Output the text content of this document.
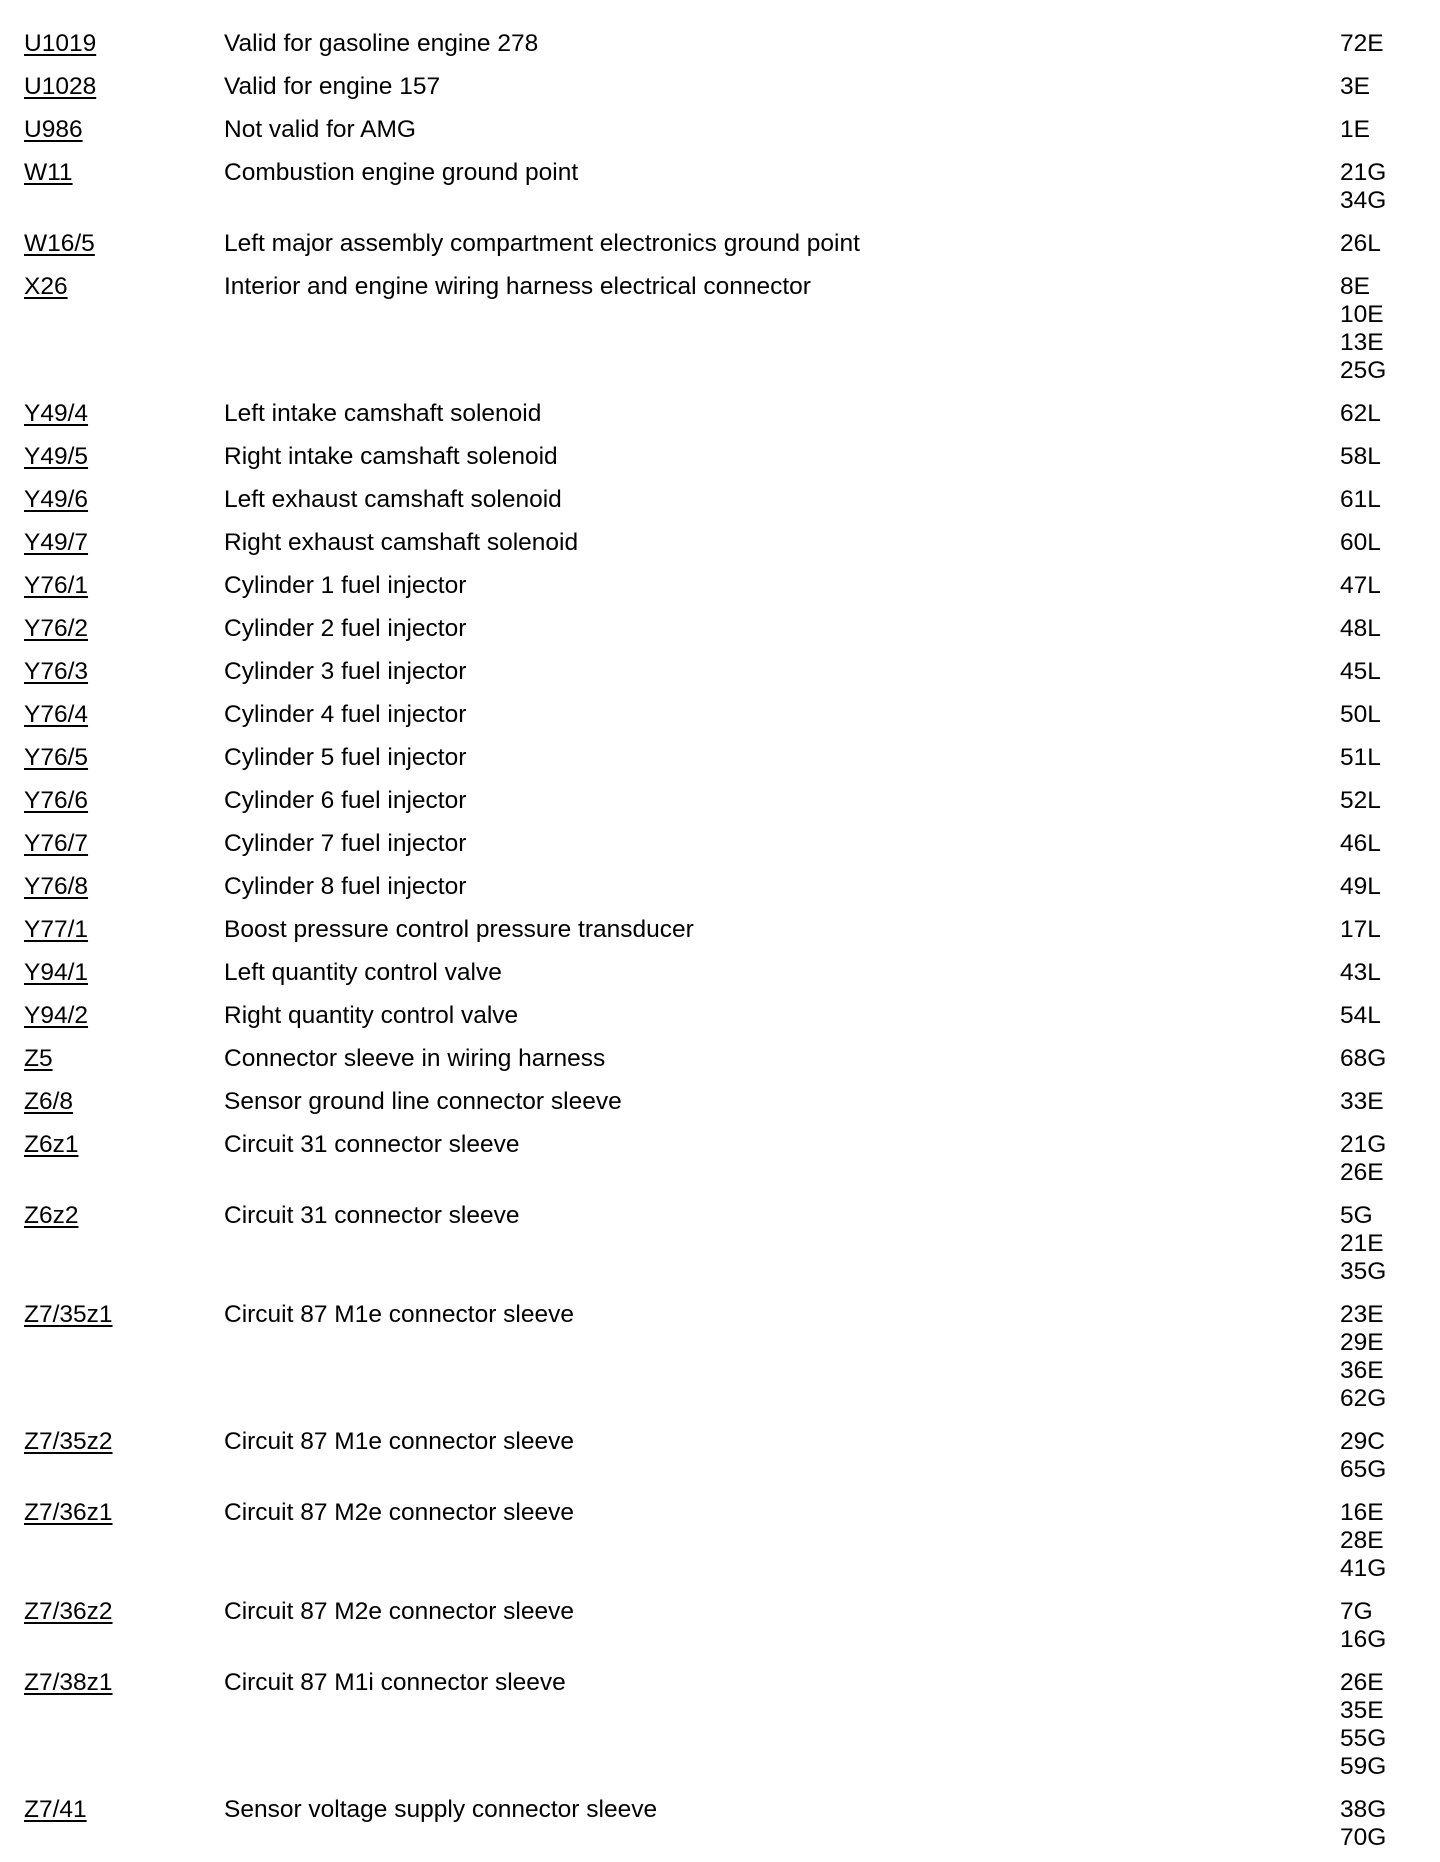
U1019	Valid for gasoline engine 278	72E
U1028	Valid for engine 157	3E
U986	Not valid for AMG	1E
W11	Combustion engine ground point	21G
34G
W16/5	Left major assembly compartment electronics ground point	26L
X26	Interior and engine wiring harness electrical connector	8E
10E
13E
25G
Y49/4	Left intake camshaft solenoid	62L
Y49/5	Right intake camshaft solenoid	58L
Y49/6	Left exhaust camshaft solenoid	61L
Y49/7	Right exhaust camshaft solenoid	60L
Y76/1	Cylinder 1 fuel injector	47L
Y76/2	Cylinder 2 fuel injector	48L
Y76/3	Cylinder 3 fuel injector	45L
Y76/4	Cylinder 4 fuel injector	50L
Y76/5	Cylinder 5 fuel injector	51L
Y76/6	Cylinder 6 fuel injector	52L
Y76/7	Cylinder 7 fuel injector	46L
Y76/8	Cylinder 8 fuel injector	49L
Y77/1	Boost pressure control pressure transducer	17L
Y94/1	Left quantity control valve	43L
Y94/2	Right quantity control valve	54L
Z5	Connector sleeve in wiring harness	68G
Z6/8	Sensor ground line connector sleeve	33E
Z6z1	Circuit 31 connector sleeve	21G
26E
Z6z2	Circuit 31 connector sleeve	5G
21E
35G
Z7/35z1	Circuit 87 M1e connector sleeve	23E
29E
36E
62G
Z7/35z2	Circuit 87 M1e connector sleeve	29C
65G
Z7/36z1	Circuit 87 M2e connector sleeve	16E
28E
41G
Z7/36z2	Circuit 87 M2e connector sleeve	7G
16G
Z7/38z1	Circuit 87 M1i connector sleeve	26E
35E
55G
59G
Z7/41	Sensor voltage supply connector sleeve	38G
70G
